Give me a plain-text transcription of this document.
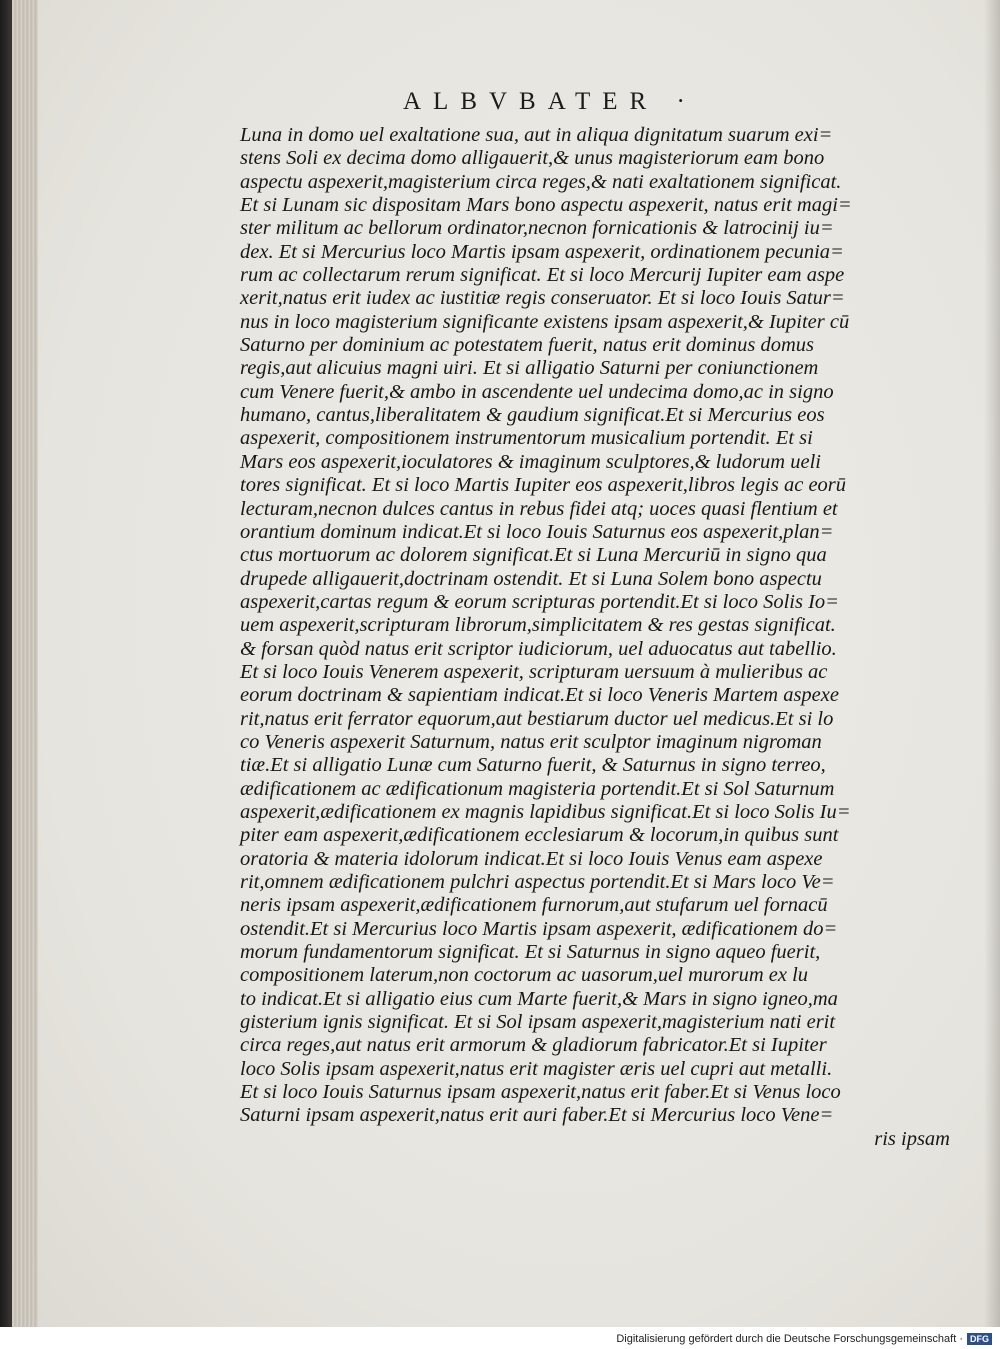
ALBVBATER ·
Luna in domo uel exaltatione sua, aut in aliqua dignitatum suarum exi=
stens Soli ex decima domo alligauerit,& unus magisteriorum eam bono
aspectu aspexerit,magisterium circa reges,& nati exaltationem significat.
Et si Lunam sic dispositam Mars bono aspectu aspexerit, natus erit magi=
ster militum ac bellorum ordinator,necnon fornicationis & latrocinij iu=
dex. Et si Mercurius loco Martis ipsam aspexerit, ordinationem pecunia=
rum ac collectarum rerum significat. Et si loco Mercurij Iupiter eam aspe
xerit,natus erit iudex ac iustitiæ regis conseruator. Et si loco Iouis Satur=
nus in loco magisterium significante existens ipsam aspexerit,& Iupiter cū
Saturno per dominium ac potestatem fuerit, natus erit dominus domus
regis,aut alicuius magni uiri. Et si alligatio Saturni per coniunctionem
cum Venere fuerit,& ambo in ascendente uel undecima domo,ac in signo
humano, cantus,liberalitatem & gaudium significat.Et si Mercurius eos
aspexerit, compositionem instrumentorum musicalium portendit. Et si
Mars eos aspexerit,ioculatores & imaginum sculptores,& ludorum ueli
tores significat. Et si loco Martis Iupiter eos aspexerit,libros legis ac eorū
lecturam,necnon dulces cantus in rebus fidei atq; uoces quasi flentium et
orantium dominum indicat.Et si loco Iouis Saturnus eos aspexerit,plan=
ctus mortuorum ac dolorem significat.Et si Luna Mercuriū in signo qua
drupede alligauerit,doctrinam ostendit. Et si Luna Solem bono aspectu
aspexerit,cartas regum & eorum scripturas portendit.Et si loco Solis Io=
uem aspexerit,scripturam librorum,simplicitatem & res gestas significat.
& forsan quòd natus erit scriptor iudiciorum, uel aduocatus aut tabellio.
Et si loco Iouis Venerem aspexerit, scripturam uersuum à mulieribus ac
eorum doctrinam & sapientiam indicat.Et si loco Veneris Martem aspexe
rit,natus erit ferrator equorum,aut bestiarum ductor uel medicus.Et si lo
co Veneris aspexerit Saturnum, natus erit sculptor imaginum nigroman
tiæ.Et si alligatio Lunæ cum Saturno fuerit, & Saturnus in signo terreo,
ædificationem ac ædificationum magisteria portendit.Et si Sol Saturnum
aspexerit,ædificationem ex magnis lapidibus significat.Et si loco Solis Iu=
piter eam aspexerit,ædificationem ecclesiarum & locorum,in quibus sunt
oratoria & materia idolorum indicat.Et si loco Iouis Venus eam aspexe
rit,omnem ædificationem pulchri aspectus portendit.Et si Mars loco Ve=
neris ipsam aspexerit,ædificationem furnorum,aut stufarum uel fornacū
ostendit.Et si Mercurius loco Martis ipsam aspexerit, ædificationem do=
morum fundamentorum significat. Et si Saturnus in signo aqueo fuerit,
compositionem laterum,non coctorum ac uasorum,uel murorum ex lu
to indicat.Et si alligatio eius cum Marte fuerit,& Mars in signo igneo,ma
gisterium ignis significat. Et si Sol ipsam aspexerit,magisterium nati erit
circa reges,aut natus erit armorum & gladiorum fabricator.Et si Iupiter
loco Solis ipsam aspexerit,natus erit magister æris uel cupri aut metalli.
Et si loco Iouis Saturnus ipsam aspexerit,natus erit faber.Et si Venus loco
Saturni ipsam aspexerit,natus erit auri faber.Et si Mercurius loco Vene=
ris ipsam
Digitalisierung gefördert durch die Deutsche Forschungsgemeinschaft · DFG
